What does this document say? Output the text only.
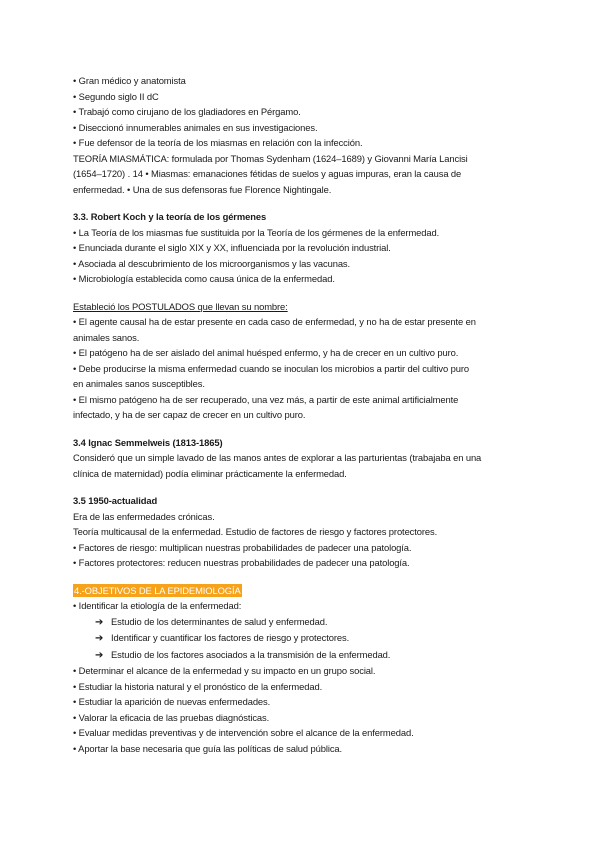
• Gran médico y anatomista
• Segundo siglo II dC
• Trabajó como cirujano de los gladiadores en Pérgamo.
• Diseccionó innumerables animales en sus investigaciones.
• Fue defensor de la teoría de los miasmas en relación con la infección.
TEORÍA MIASMÁTICA: formulada por Thomas Sydenham (1624–1689) y Giovanni María Lancisi
(1654–1720) . 14 • Miasmas: emanaciones fétidas de suelos y aguas impuras, eran la causa de
enfermedad. • Una de sus defensoras fue Florence Nightingale.
3.3. Robert Koch y la teoría de los gérmenes
• La Teoría de los miasmas fue sustituida por la Teoría de los gérmenes de la enfermedad.
• Enunciada durante el siglo XIX y XX, influenciada por la revolución industrial.
• Asociada al descubrimiento de los microorganismos y las vacunas.
• Microbiología establecida como causa única de la enfermedad.
Estableció los POSTULADOS que llevan su nombre:
• El agente causal ha de estar presente en cada caso de enfermedad, y no ha de estar presente en
animales sanos.
• El patógeno ha de ser aislado del animal huésped enfermo, y ha de crecer en un cultivo puro.
• Debe producirse la misma enfermedad cuando se inoculan los microbios a partir del cultivo puro
en animales sanos susceptibles.
• El mismo patógeno ha de ser recuperado, una vez más, a partir de este animal artificialmente
infectado, y ha de ser capaz de crecer en un cultivo puro.
3.4 Ignac Semmelweis (1813-1865)
Consideró que un simple lavado de las manos antes de explorar a las parturientas (trabajaba en una
clínica de maternidad) podía eliminar prácticamente la enfermedad.
3.5 1950-actualidad
Era de las enfermedades crónicas.
Teoría multicausal de la enfermedad. Estudio de factores de riesgo y factores protectores.
• Factores de riesgo: multiplican nuestras probabilidades de padecer una patología.
• Factores protectores: reducen nuestras probabilidades de padecer una patología.
4.-OBJETIVOS DE LA EPIDEMIOLOGÍA
• Identificar la etiología de la enfermedad:
➔ Estudio de los determinantes de salud y enfermedad.
➔ Identificar y cuantificar los factores de riesgo y protectores.
➔ Estudio de los factores asociados a la transmisión de la enfermedad.
• Determinar el alcance de la enfermedad y su impacto en un grupo social.
• Estudiar la historia natural y el pronóstico de la enfermedad.
• Estudiar la aparición de nuevas enfermedades.
• Valorar la eficacia de las pruebas diagnósticas.
• Evaluar medidas preventivas y de intervención sobre el alcance de la enfermedad.
• Aportar la base necesaria que guía las políticas de salud pública.
